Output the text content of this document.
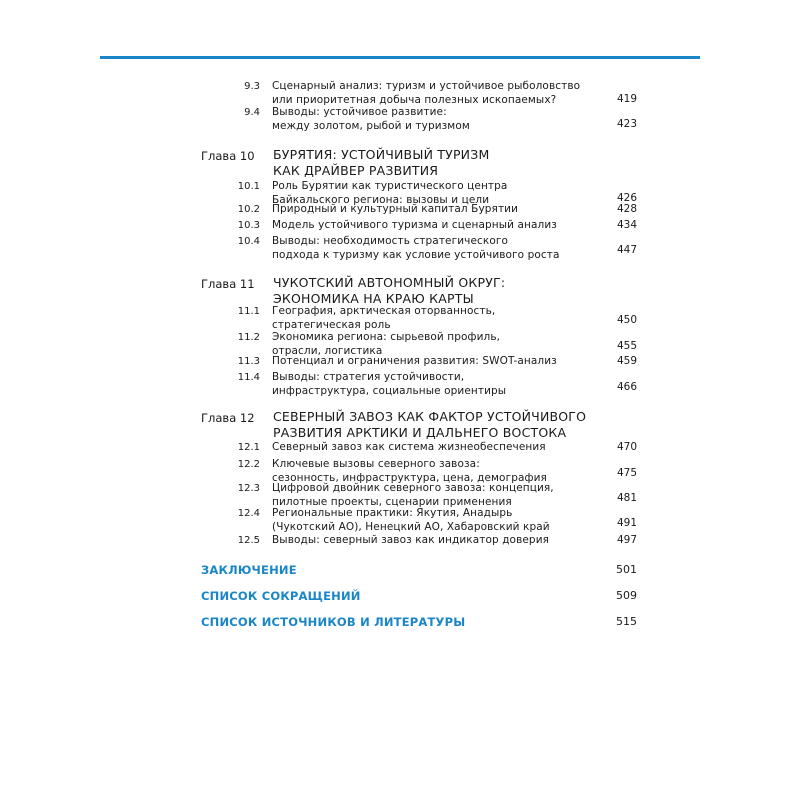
9.3 Сценарный анализ: туризм и устойчивое рыболовство
или приоритетная добыча полезных ископаемых?	419
9.4 Выводы: устойчивое развитие:
между золотом, рыбой и туризмом	423
Глава 10 БУРЯТИЯ: УСТОЙЧИВЫЙ ТУРИЗМ
КАК ДРАЙВЕР РАЗВИТИЯ
10.1 Роль Бурятии как туристического центра
Байкальского региона: вызовы и цели	426
10.2 Природный и культурный капитал Бурятии	428
10.3 Модель устойчивого туризма и сценарный анализ	434
10.4 Выводы: необходимость стратегического
подхода к туризму как условие устойчивого роста	447
Глава 11 ЧУКОТСКИЙ АВТОНОМНЫЙ ОКРУГ:
ЭКОНОМИКА НА КРАЮ КАРТЫ
11.1 География, арктическая оторванность,
стратегическая роль	450
11.2 Экономика региона: сырьевой профиль,
отрасли, логистика	455
11.3 Потенциал и ограничения развития: SWOT-анализ	459
11.4 Выводы: стратегия устойчивости,
инфраструктура, социальные ориентиры	466
Глава 12 СЕВЕРНЫЙ ЗАВОЗ КАК ФАКТОР УСТОЙЧИВОГО
РАЗВИТИЯ АРКТИКИ И ДАЛЬНЕГО ВОСТОКА
12.1 Северный завоз как система жизнеобеспечения	470
12.2 Ключевые вызовы северного завоза:
сезонность, инфраструктура, цена, демография	475
12.3 Цифровой двойник северного завоза: концепция,
пилотные проекты, сценарии применения	481
12.4 Региональные практики: Якутия, Анадырь
(Чукотский АО), Ненецкий АО, Хабаровский край	491
12.5 Выводы: северный завоз как индикатор доверия	497
ЗАКЛЮЧЕНИЕ	501
СПИСОК СОКРАЩЕНИЙ	509
СПИСОК ИСТОЧНИКОВ И ЛИТЕРАТУРЫ	515
